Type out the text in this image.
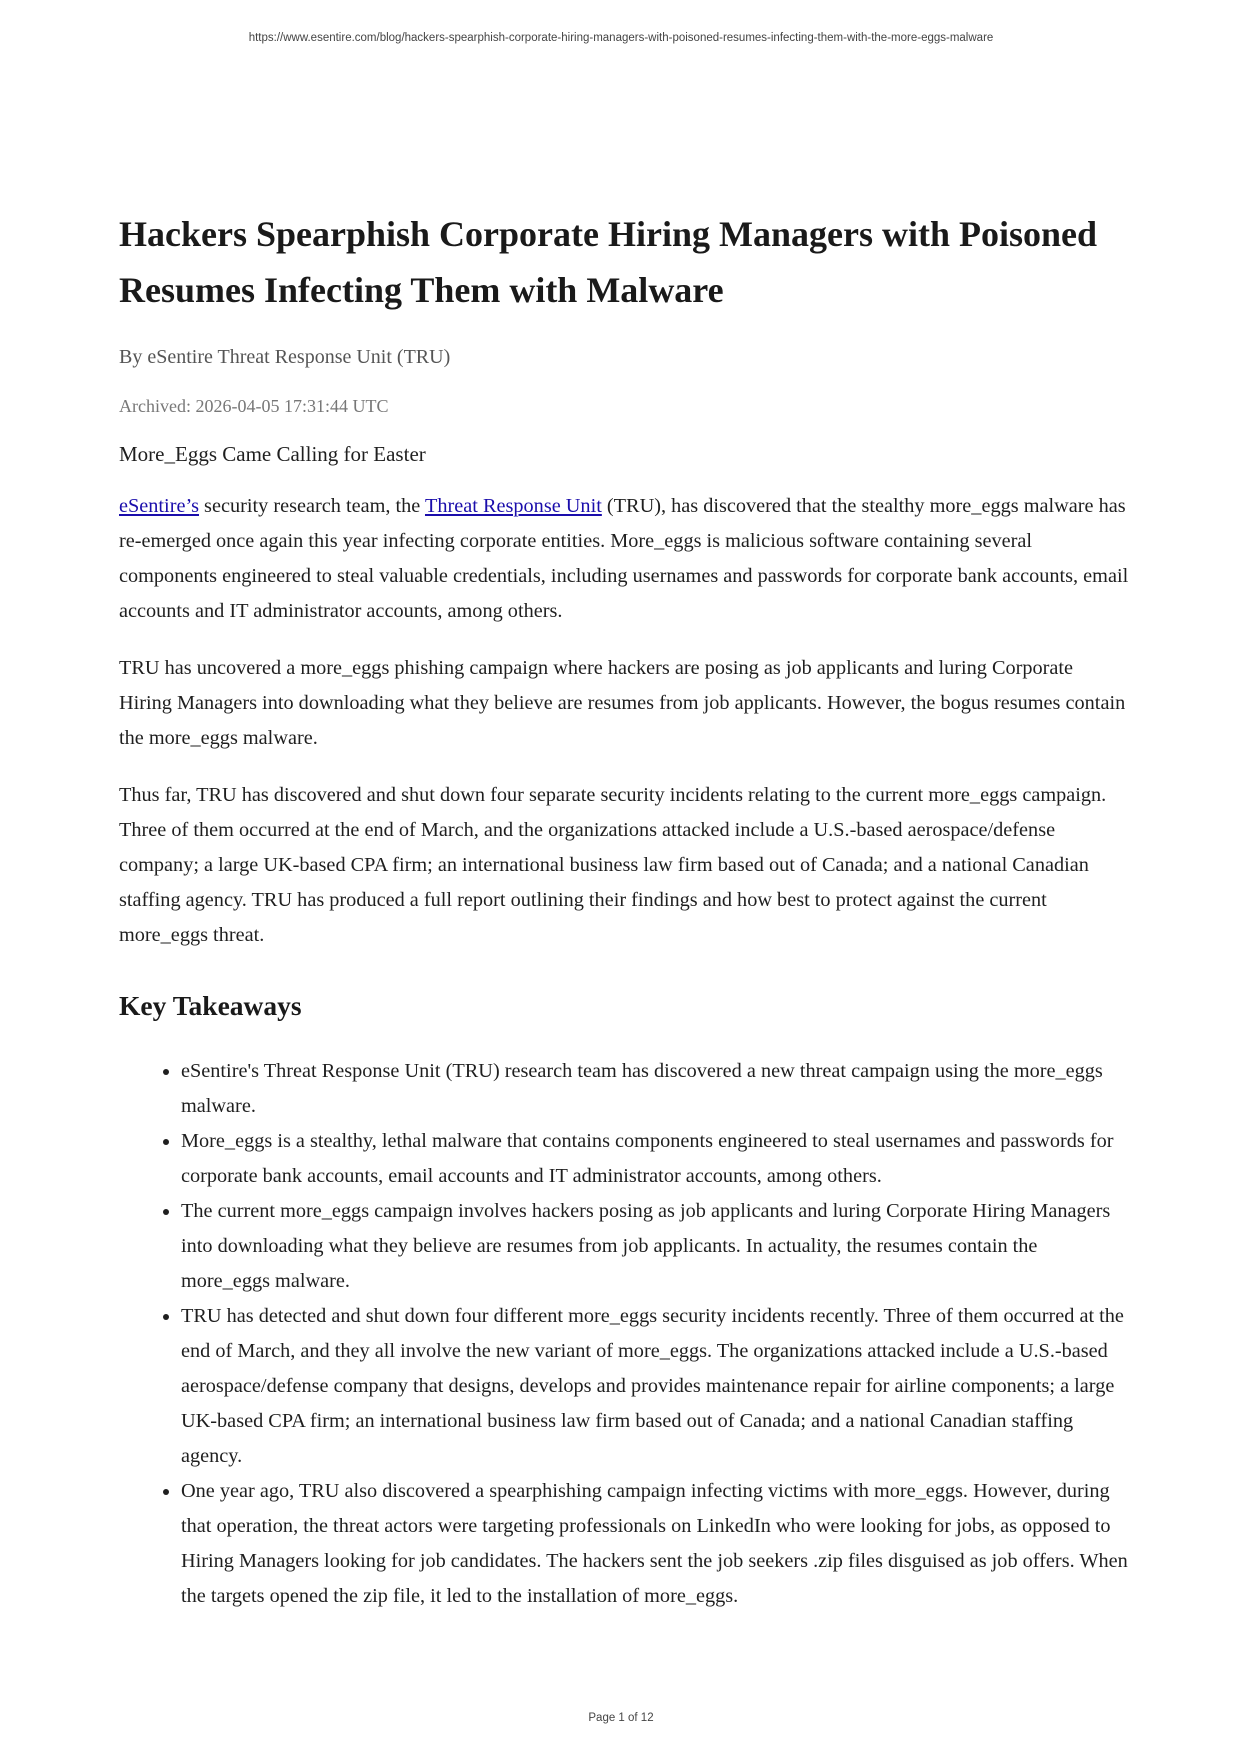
https://www.esentire.com/blog/hackers-spearphish-corporate-hiring-managers-with-poisoned-resumes-infecting-them-with-the-more-eggs-malware
Hackers Spearphish Corporate Hiring Managers with Poisoned Resumes Infecting Them with Malware
By eSentire Threat Response Unit (TRU)
Archived: 2026-04-05 17:31:44 UTC
More_Eggs Came Calling for Easter

eSentire’s security research team, the Threat Response Unit (TRU), has discovered that the stealthy more_eggs malware has re-emerged once again this year infecting corporate entities. More_eggs is malicious software containing several components engineered to steal valuable credentials, including usernames and passwords for corporate bank accounts, email accounts and IT administrator accounts, among others.

TRU has uncovered a more_eggs phishing campaign where hackers are posing as job applicants and luring Corporate Hiring Managers into downloading what they believe are resumes from job applicants. However, the bogus resumes contain the more_eggs malware.

Thus far, TRU has discovered and shut down four separate security incidents relating to the current more_eggs campaign. Three of them occurred at the end of March, and the organizations attacked include a U.S.-based aerospace/defense company; a large UK-based CPA firm; an international business law firm based out of Canada; and a national Canadian staffing agency. TRU has produced a full report outlining their findings and how best to protect against the current more_eggs threat.

Key Takeaways
• eSentire's Threat Response Unit (TRU) research team has discovered a new threat campaign using the more_eggs malware.
• More_eggs is a stealthy, lethal malware that contains components engineered to steal usernames and passwords for corporate bank accounts, email accounts and IT administrator accounts, among others.
• The current more_eggs campaign involves hackers posing as job applicants and luring Corporate Hiring Managers into downloading what they believe are resumes from job applicants. In actuality, the resumes contain the more_eggs malware.
• TRU has detected and shut down four different more_eggs security incidents recently. Three of them occurred at the end of March, and they all involve the new variant of more_eggs. The organizations attacked include a U.S.-based aerospace/defense company that designs, develops and provides maintenance repair for airline components; a large UK-based CPA firm; an international business law firm based out of Canada; and a national Canadian staffing agency.
• One year ago, TRU also discovered a spearphishing campaign infecting victims with more_eggs. However, during that operation, the threat actors were targeting professionals on LinkedIn who were looking for jobs, as opposed to Hiring Managers looking for job candidates. The hackers sent the job seekers .zip files disguised as job offers. When the targets opened the zip file, it led to the installation of more_eggs.
Page 1 of 12
